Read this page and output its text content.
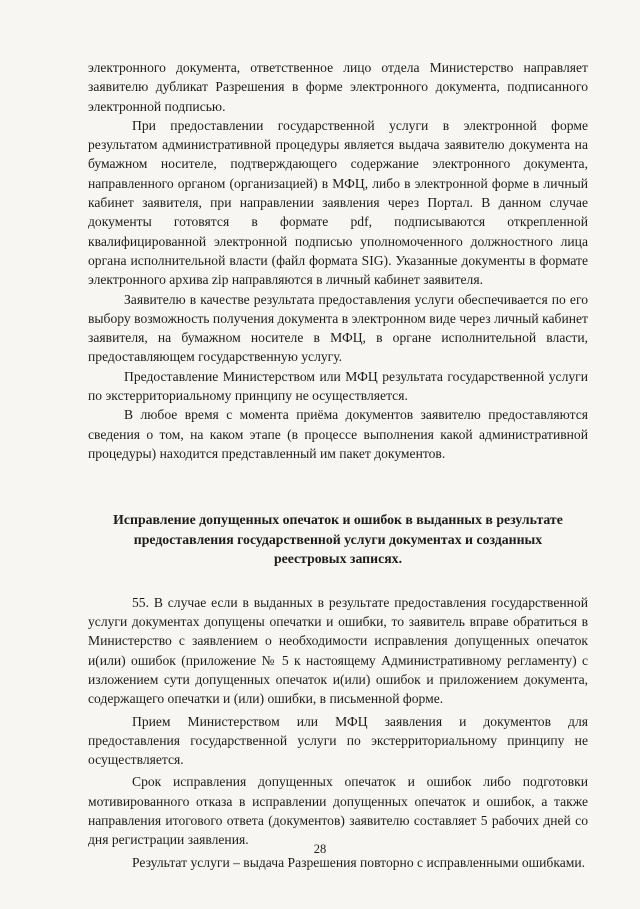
электронного документа, ответственное лицо отдела Министерство направляет заявителю дубликат Разрешения в форме электронного документа, подписанного электронной подписью.

При предоставлении государственной услуги в электронной форме результатом административной процедуры является выдача заявителю документа на бумажном носителе, подтверждающего содержание электронного документа, направленного органом (организацией) в МФЦ, либо в электронной форме в личный кабинет заявителя, при направлении заявления через Портал. В данном случае документы готовятся в формате pdf, подписываются открепленной квалифицированной электронной подписью уполномоченного должностного лица органа исполнительной власти (файл формата SIG). Указанные документы в формате электронного архива zip направляются в личный кабинет заявителя.

Заявителю в качестве результата предоставления услуги обеспечивается по его выбору возможность получения документа в электронном виде через личный кабинет заявителя, на бумажном носителе в МФЦ, в органе исполнительной власти, предоставляющем государственную услугу.

Предоставление Министерством или МФЦ результата государственной услуги по экстерриториальному принципу не осуществляется.

В любое время с момента приёма документов заявителю предоставляются сведения о том, на каком этапе (в процессе выполнения какой административной процедуры) находится представленный им пакет документов.

Исправление допущенных опечаток и ошибок в выданных в результате предоставления государственной услуги документах и созданных реестровых записях.

55. В случае если в выданных в результате предоставления государственной услуги документах допущены опечатки и ошибки, то заявитель вправе обратиться в Министерство с заявлением о необходимости исправления допущенных опечаток и(или) ошибок (приложение № 5 к настоящему Административному регламенту) с изложением сути допущенных опечаток и(или) ошибок и приложением документа, содержащего опечатки и (или) ошибки, в письменной форме.

Прием Министерством или МФЦ заявления и документов для предоставления государственной услуги по экстерриториальному принципу не осуществляется.

Срок исправления допущенных опечаток и ошибок либо подготовки мотивированного отказа в исправлении допущенных опечаток и ошибок, а также направления итогового ответа (документов) заявителю составляет 5 рабочих дней со дня регистрации заявления.

Результат услуги – выдача Разрешения повторно с исправленными ошибками.

28
